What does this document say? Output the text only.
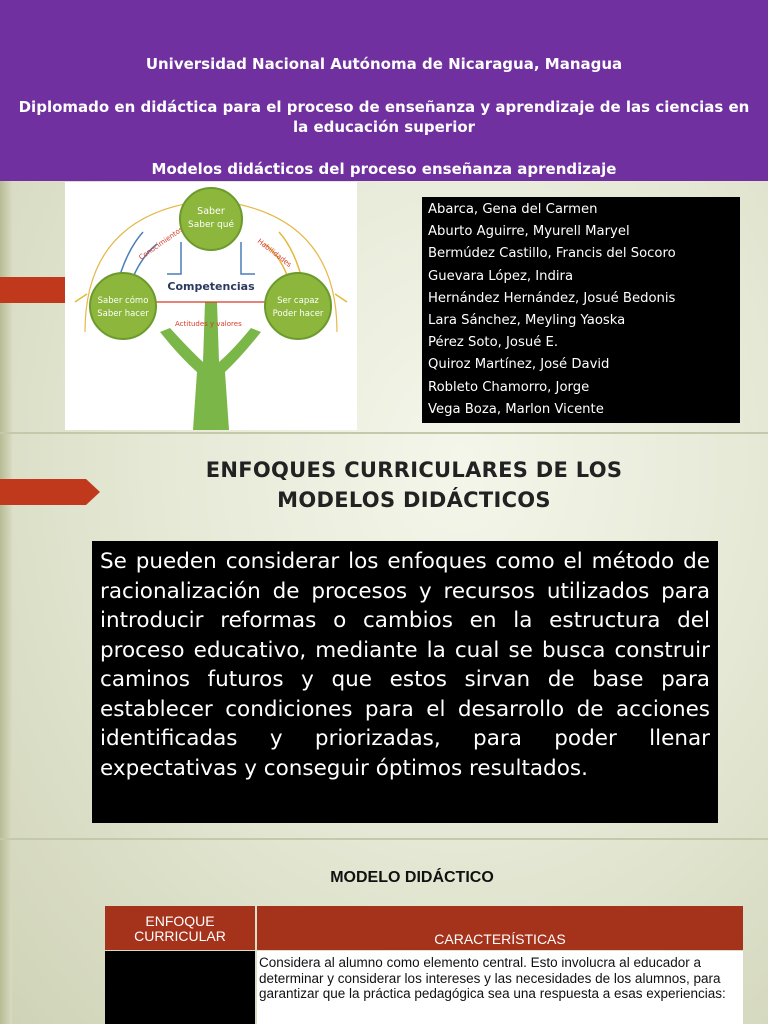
Universidad Nacional Autónoma de Nicaragua, Managua
Diplomado en didáctica para el proceso de enseñanza y aprendizaje de las ciencias en la educación superior
Modelos didácticos del proceso enseñanza aprendizaje
Conocimientos	Habilidades
Actitudes y valores
Saber
Saber qué
Saber cómo
Saber hacer
Ser capaz
Poder hacer
Competencias
Abarca, Gena del Carmen
Aburto Aguirre, Myurell Maryel
Bermúdez Castillo, Francis del Socoro
Guevara López, Indira
Hernández Hernández, Josué Bedonis
Lara Sánchez, Meyling Yaoska
Pérez Soto, Josué E.
Quiroz Martínez, José David
Robleto Chamorro, Jorge
Vega Boza, Marlon Vicente
ENFOQUES CURRICULARES DE LOS
MODELOS DIDÁCTICOS
Se pueden considerar los enfoques como el método de racionalización de procesos y recursos utilizados para introducir reformas o cambios en la estructura del proceso educativo, mediante la cual se busca construir caminos futuros y que estos sirvan de base para establecer condiciones para el desarrollo de acciones identificadas y priorizadas, para poder llenar expectativas y conseguir óptimos resultados.
MODELO DIDÁCTICO
ENFOQUE
CURRICULAR	CARACTERÍSTICAS
Considera al alumno como elemento central. Esto involucra al educador a determinar y considerar los intereses y las necesidades de los alumnos, para garantizar que la práctica pedagógica sea una respuesta a esas experiencias:
